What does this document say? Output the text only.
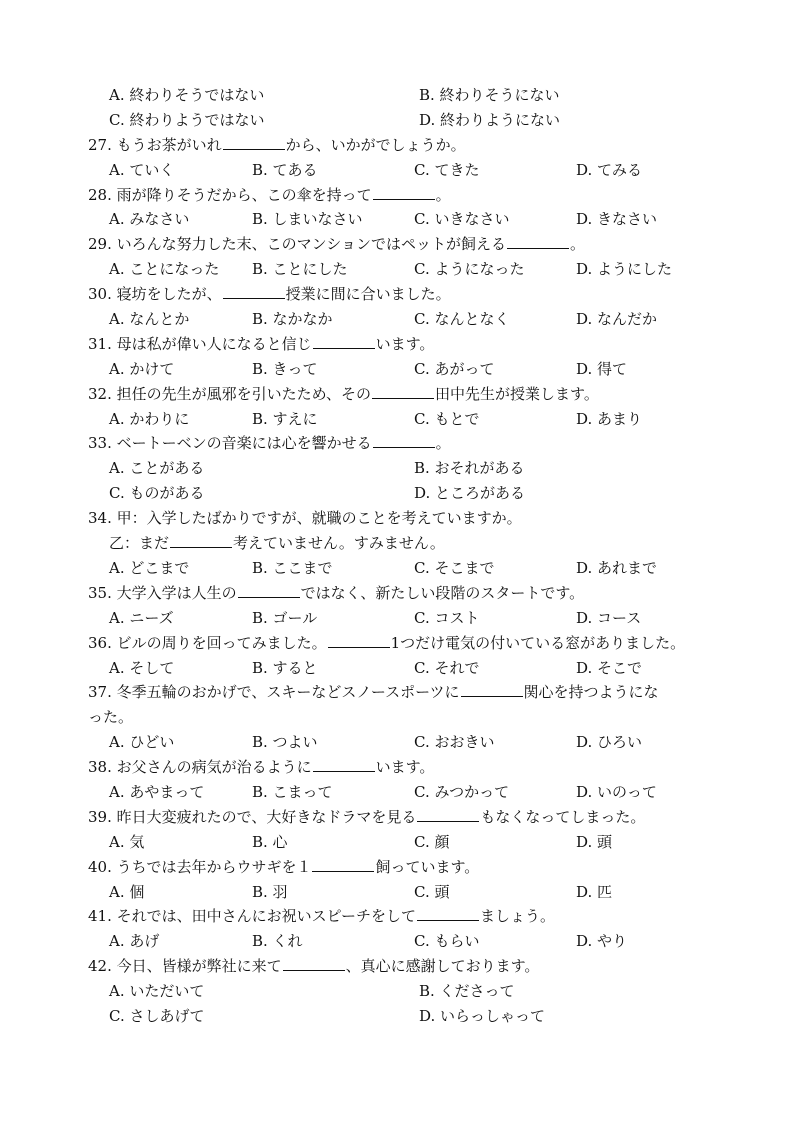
A. 終わりそうではない	B. 終わりそうにない
C. 終わりようではない	D. 終わりようにない
27. もうお茶がいれ	から、いかがでしょうか。
A. ていく	B. てある	C. てきた	D. てみる
28. 雨が降りそうだから、この傘を持って	。
A. みなさい	B. しまいなさい	C. いきなさい	D. きなさい
29. いろんな努力した末、このマンションではペットが飼える	。
A. ことになった B. ことにした	C. ようになった	D. ようにした
30. 寝坊をしたが、	授業に間に合いました。
A. なんとか	B. なかなか	C. なんとなく	D. なんだか
31. 母は私が偉い人になると信じ	います。
A. かけて	B. きって	C. あがって	D. 得て
32. 担任の先生が風邪を引いたため、その	田中先生が授業します。
A. かわりに	B. すえに	C. もとで	D. あまり
33. ベートーベンの音楽には心を響かせる	。
A. ことがある	B. おそれがある
C. ものがある	D. ところがある
34. 甲：入学したばかりですが、就職のことを考えていますか。
乙：まだ	考えていません。すみません。
A. どこまで	B. ここまで	C. そこまで	D. あれまで
35. 大学入学は人生の	ではなく、新たしい段階のスタートです。
A. ニーズ	B. ゴール	C. コスト	D. コース
36. ビルの周りを回ってみました。	1つだけ電気の付いている窓がありました。
A. そして	B. すると	C. それで	D. そこで
37. 冬季五輪のおかげで、スキーなどスノースポーツに	関心を持つようにな
った。
A. ひどい	B. つよい	C. おおきい	D. ひろい
38. お父さんの病気が治るように	います。
A. あやまって	B. こまって	C. みつかって	D. いのって
39. 昨日大変疲れたので、大好きなドラマを見る	もなくなってしまった。
A. 気	B. 心	C. 顔	D. 頭
40. うちでは去年からウサギを１	飼っています。
A. 個	B. 羽	C. 頭	D. 匹
41. それでは、田中さんにお祝いスピーチをして	ましょう。
A. あげ	B. くれ	C. もらい	D. やり
42. 今日、皆様が弊社に来て	、真心に感謝しております。
A. いただいて	B. くださって
C. さしあげて	D. いらっしゃって
